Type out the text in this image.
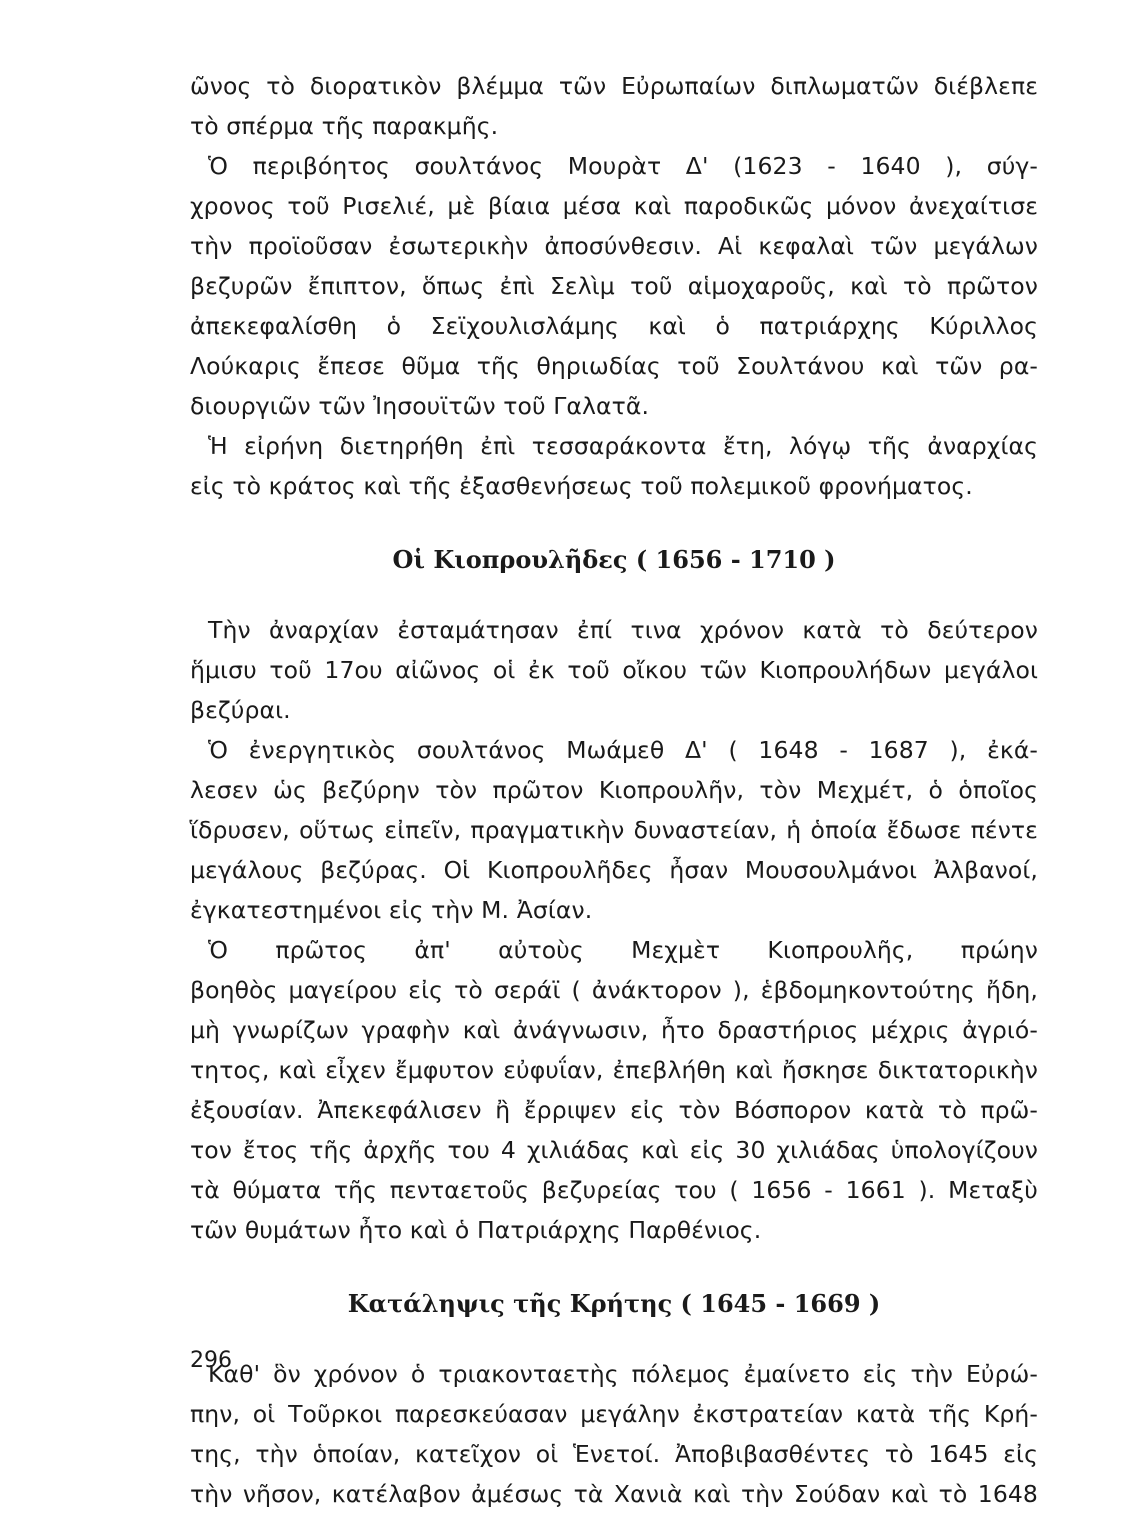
ῶνος τὸ διορατικὸν βλέμμα τῶν Εὐρωπαίων διπλωματῶν διέβλεπε

τὸ σπέρμα τῆς παρακμῆς.

Ὁ περιβόητος σουλτάνος Μουρὰτ Δ' (1623 - 1640 ), σύγ-

χρονος τοῦ Ρισελιέ, μὲ βίαια μέσα καὶ παροδικῶς μόνον ἀνεχαίτισε

τὴν προϊοῦσαν ἐσωτερικὴν ἀποσύνθεσιν. Αἱ κεφαλαὶ τῶν μεγάλων

βεζυρῶν ἔπιπτον, ὅπως ἐπὶ Σελὶμ τοῦ αἱμοχαροῦς, καὶ τὸ πρῶτον

ἀπεκεφαλίσθη ὁ Σεϊχουλισλάμης καὶ ὁ πατριάρχης Κύριλλος

Λούκαρις ἔπεσε θῦμα τῆς θηριωδίας τοῦ Σουλτάνου καὶ τῶν ρα-

διουργιῶν τῶν Ἰησουϊτῶν τοῦ Γαλατᾶ.

Ἡ εἰρήνη διετηρήθη ἐπὶ τεσσαράκοντα ἔτη, λόγῳ τῆς ἀναρχίας

εἰς τὸ κράτος καὶ τῆς ἐξασθενήσεως τοῦ πολεμικοῦ φρονήματος.

Οἱ Κιοπρουλῆδες ( 1656 - 1710 )

Τὴν ἀναρχίαν ἐσταμάτησαν ἐπί τινα χρόνον κατὰ τὸ δεύτερον

ἥμισυ τοῦ 17ου αἰῶνος οἱ ἐκ τοῦ οἴκου τῶν Κιοπρουλήδων μεγάλοι

βεζύραι.

Ὁ ἐνεργητικὸς σουλτάνος Μωάμεθ Δ' ( 1648 - 1687 ), ἐκά-

λεσεν ὡς βεζύρην τὸν πρῶτον Κιοπρουλῆν, τὸν Μεχμέτ, ὁ ὁποῖος

ἵδρυσεν, οὕτως εἰπεῖν, πραγματικὴν δυναστείαν, ἡ ὁποία ἔδωσε πέντε

μεγάλους βεζύρας. Οἱ Κιοπρουλῆδες ἦσαν Μουσουλμάνοι Ἀλβανοί,

ἐγκατεστημένοι εἰς τὴν Μ. Ἀσίαν.

Ὁ πρῶτος ἀπ' αὐτοὺς Μεχμὲτ Κιοπρουλῆς, πρώην

βοηθὸς μαγείρου εἰς τὸ σεράϊ ( ἀνάκτορον ), ἑβδομηκοντούτης ἤδη,

μὴ γνωρίζων γραφὴν καὶ ἀνάγνωσιν, ἦτο δραστήριος μέχρις ἀγριό-

τητος, καὶ εἶχεν ἔμφυτον εὐφυΐαν, ἐπεβλήθη καὶ ἤσκησε δικτατορικὴν

ἐξουσίαν. Ἀπεκεφάλισεν ἢ ἔρριψεν εἰς τὸν Βόσπορον κατὰ τὸ πρῶ-

τον ἔτος τῆς ἀρχῆς του 4 χιλιάδας καὶ εἰς 30 χιλιάδας ὑπολογίζουν

τὰ θύματα τῆς πενταετοῦς βεζυρείας του ( 1656 - 1661 ). Μεταξὺ

τῶν θυμάτων ἦτο καὶ ὁ Πατριάρχης Παρθένιος.

Κατάληψις τῆς Κρήτης ( 1645 - 1669 )

Καθ' ὃν χρόνον ὁ τριακονταετὴς πόλεμος ἐμαίνετο εἰς τὴν Εὐρώ-

πην, οἱ Τοῦρκοι παρεσκεύασαν μεγάλην ἐκστρατείαν κατὰ τῆς Κρή-

της, τὴν ὁποίαν, κατεῖχον οἱ Ἑνετοί. Ἀποβιβασθέντες τὸ 1645 εἰς

τὴν νῆσον, κατέλαβον ἀμέσως τὰ Χανιὰ καὶ τὴν Σούδαν καὶ τὸ 1648

296
